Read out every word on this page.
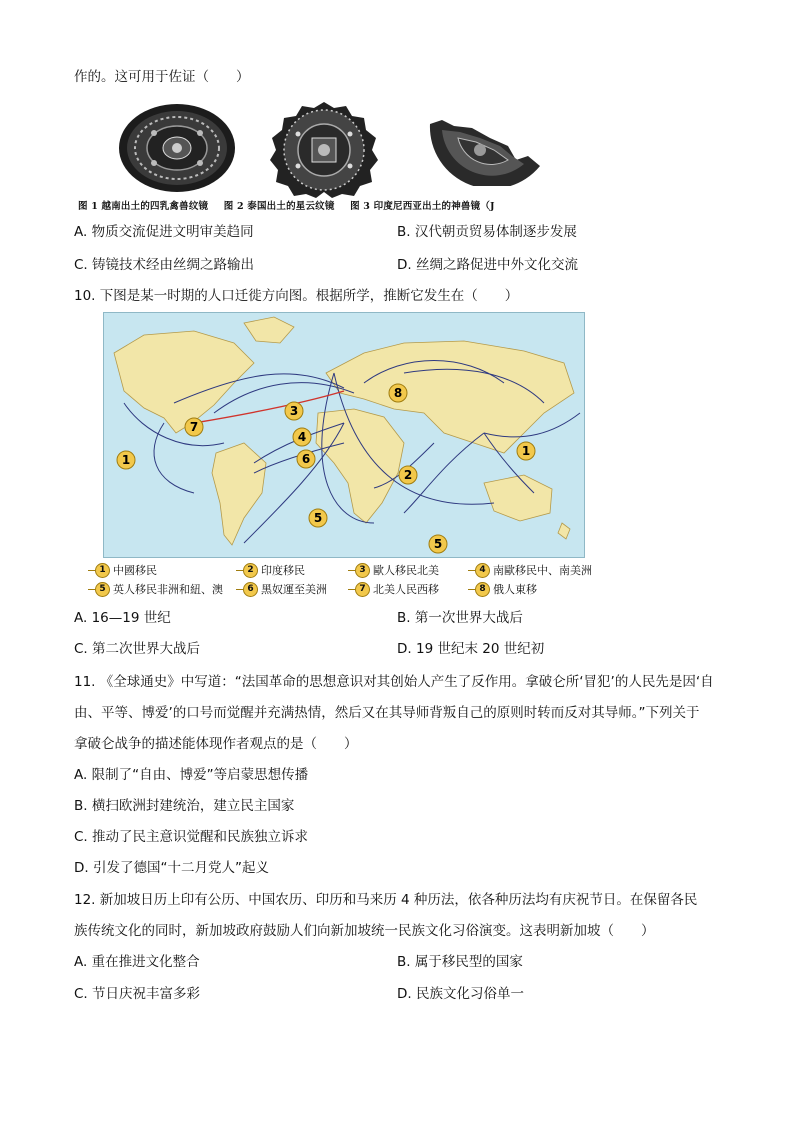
作的。这可用于佐证（　　）
图 1 越南出土的四乳禽兽纹镜 图 2 泰国出土的星云纹镜 图 3 印度尼西亚出土的神兽镜（J
A. 物质交流促进文明审美趋同	B. 汉代朝贡贸易体制逐步发展
C. 铸镜技术经由丝绸之路输出	D. 丝绸之路促进中外文化交流
10. 下图是某一时期的人口迁徙方向图。根据所学，推断它发生在（　　）
1
1
2
3
4
5
5
6
7
8
1 中國移民	2 印度移民	3 歐人移民北美	4 南歐移民中、南美洲
5 英人移民非洲和紐、澳	6 黑奴運至美洲	7 北美人民西移	8 俄人東移
A. 16—19 世纪	B. 第一次世界大战后
C. 第二次世界大战后	D. 19 世纪末 20 世纪初
11. 《全球通史》中写道：“法国革命的思想意识对其创始人产生了反作用。拿破仑所‘冒犯’的人民先是因‘自
由、平等、博爱’的口号而觉醒并充满热情，然后又在其导师背叛自己的原则时转而反对其导师。”下列关于
拿破仑战争的描述能体现作者观点的是（　　）
A. 限制了“自由、博爱”等启蒙思想传播
B. 横扫欧洲封建统治，建立民主国家
C. 推动了民主意识觉醒和民族独立诉求
D. 引发了德国“十二月党人”起义
12. 新加坡日历上印有公历、中国农历、印历和马来历 4 种历法，依各种历法均有庆祝节日。在保留各民
族传统文化的同时，新加坡政府鼓励人们向新加坡统一民族文化习俗演变。这表明新加坡（　　）
A. 重在推进文化整合	B. 属于移民型的国家
C. 节日庆祝丰富多彩	D. 民族文化习俗单一
